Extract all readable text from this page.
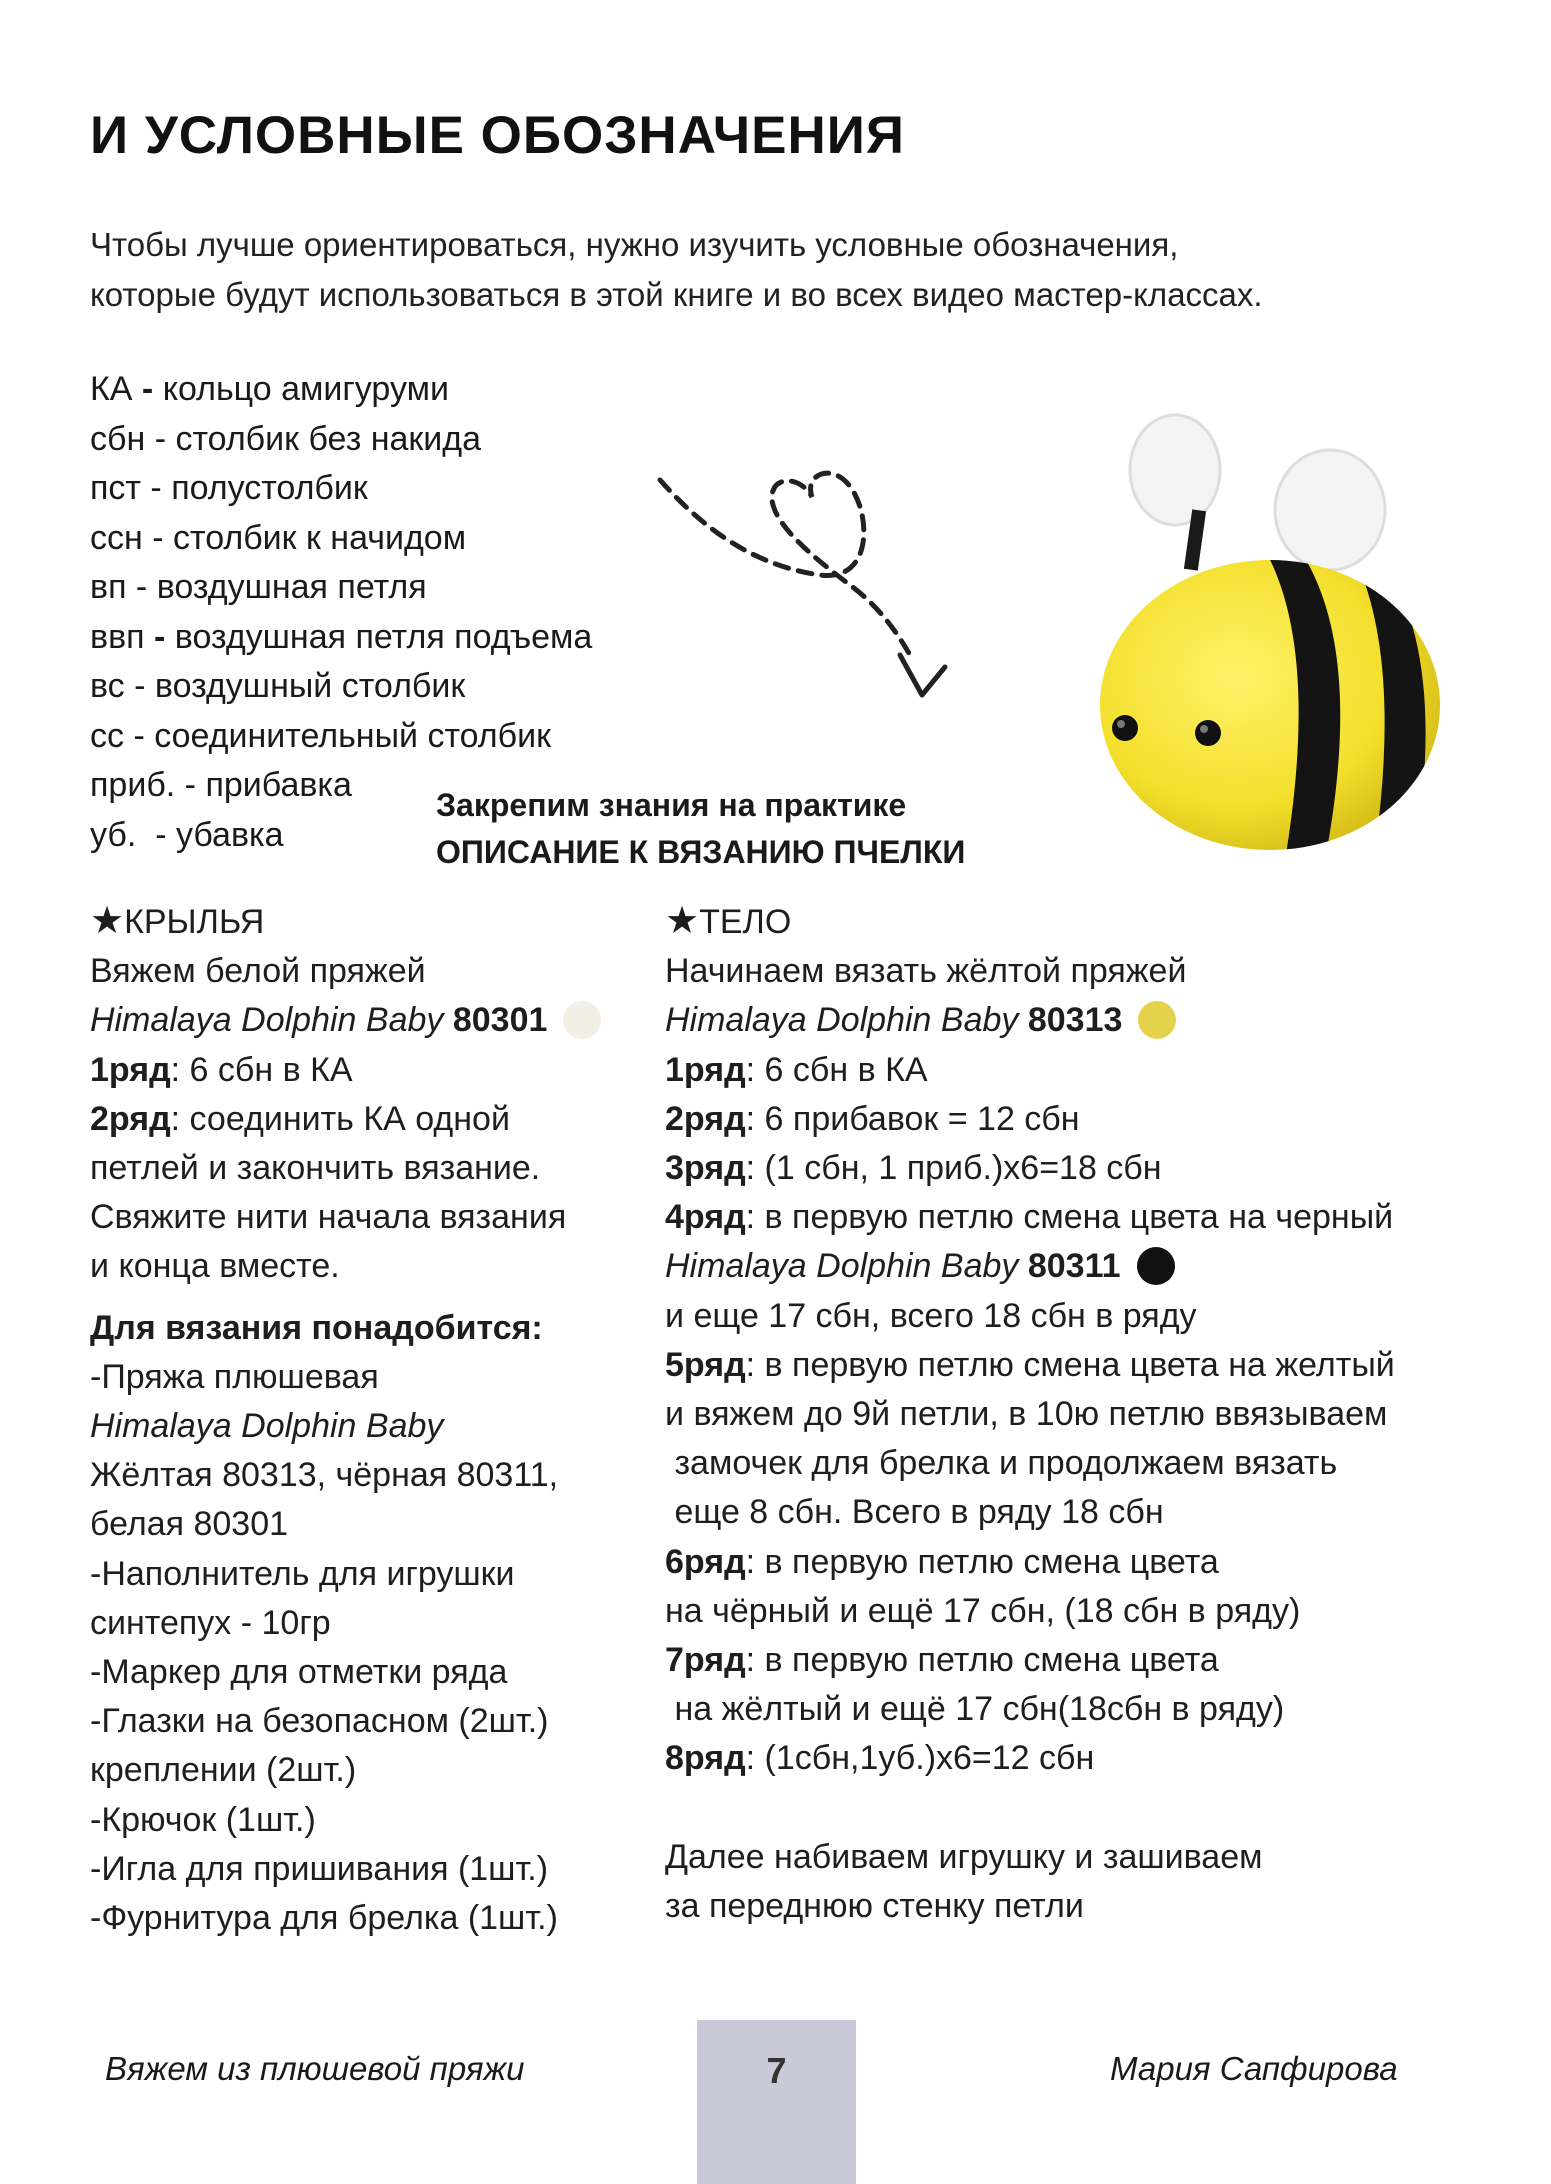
И УСЛОВНЫЕ ОБОЗНАЧЕНИЯ
Чтобы лучше ориентироваться, нужно изучить условные обозначения,
которые будут использоваться в этой книге и во всех видео мастер-классах.
КА - кольцо амигуруми
сбн - столбик без накида
пст - полустолбик
ссн - столбик к начидом
вп - воздушная петля
ввп - воздушная петля подъема
вс - воздушный столбик
сс - соединительный столбик
приб. - прибавка
уб.  - убавка
Закрепим знания на практике
ОПИСАНИЕ К ВЯЗАНИЮ ПЧЕЛКИ
★КРЫЛЬЯ
Вяжем белой пряжей
Himalaya Dolphin Baby 80301
1ряд: 6 сбн в КА
2ряд: соединить КА одной
петлей и закончить вязание.
Свяжите нити начала вязания
и конца вместе.
Для вязания понадобится:
-Пряжа плюшевая
Himalaya Dolphin Baby
Жёлтая 80313, чёрная 80311,
белая 80301
-Наполнитель для игрушки
синтепух - 10гр
-Маркер для отметки ряда
-Глазки на безопасном (2шт.)
креплении (2шт.)
-Крючок (1шт.)
-Игла для пришивания (1шт.)
-Фурнитура для брелка (1шт.)
★ТЕЛО
Начинаем вязать жёлтой пряжей
Himalaya Dolphin Baby 80313
1ряд: 6 сбн в КА
2ряд: 6 прибавок = 12 сбн
3ряд: (1 сбн, 1 приб.)х6=18 сбн
4ряд: в первую петлю смена цвета на черный
Himalaya Dolphin Baby 80311
и еще 17 сбн, всего 18 сбн в ряду
5ряд: в первую петлю смена цвета на желтый
и вяжем до 9й петли, в 10ю петлю ввязываем
замочек для брелка и продолжаем вязать
еще 8 сбн. Всего в ряду 18 сбн
6ряд: в первую петлю смена цвета
на чёрный и ещё 17 сбн, (18 сбн в ряду)
7ряд: в первую петлю смена цвета
на жёлтый и ещё 17 сбн(18сбн в ряду)
8ряд: (1сбн,1уб.)х6=12 сбн
Далее набиваем игрушку и зашиваем
за переднюю стенку петли
Вяжем из плюшевой пряжи	7	Мария Сапфирова
